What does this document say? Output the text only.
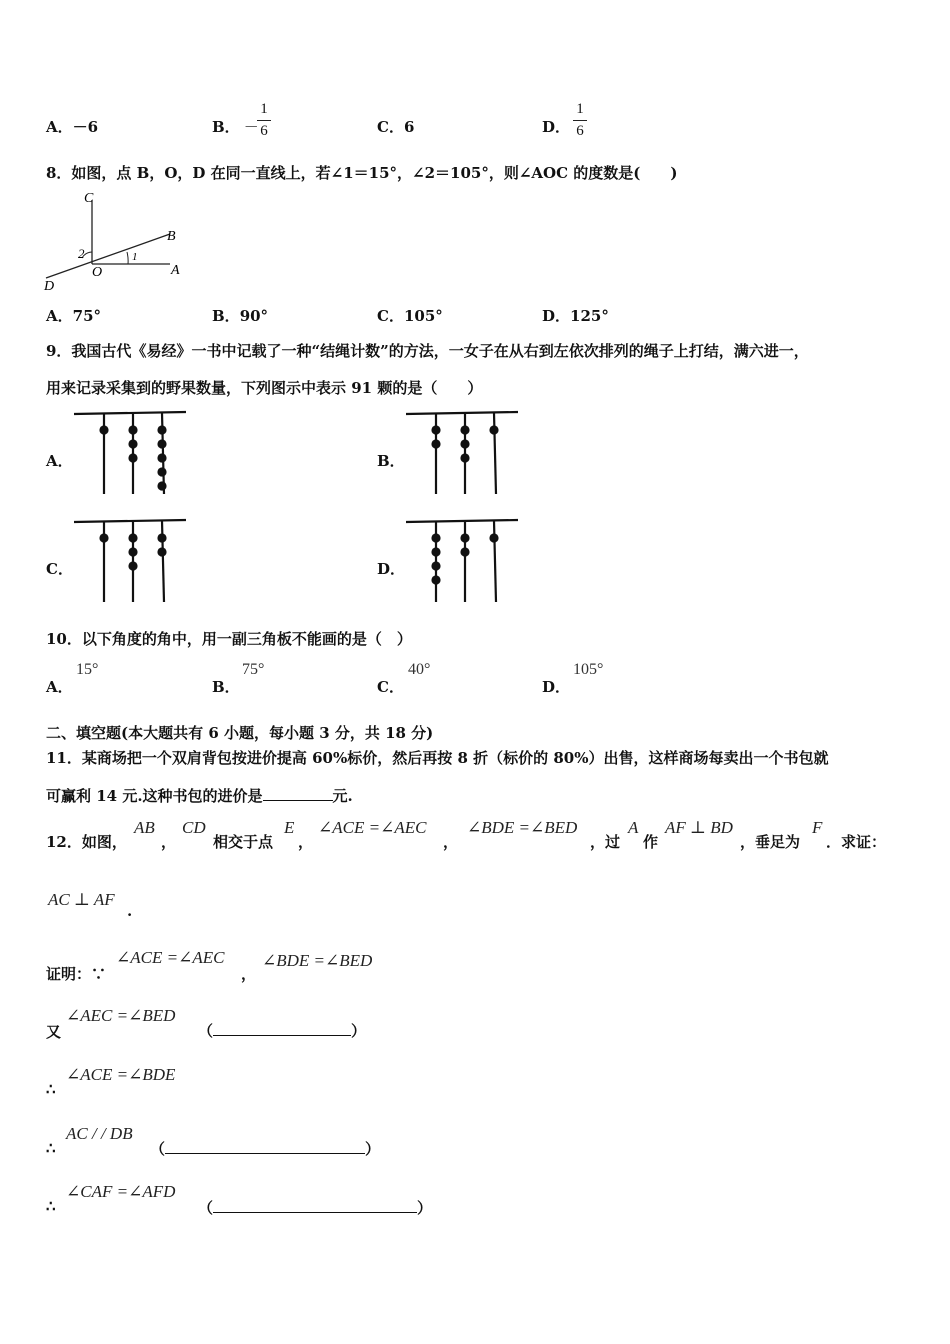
A．－6	B． －
1
6	C．6	D．
1
6
8．如图，点 B，O，D 在同一直线上，若∠1＝15°，∠2＝105°，则∠AOC 的度数是(　　)
C
B
2
O
1
A
D
A．75°	B．90°	C．105°	D．125°
9．我国古代《易经》一书中记载了一种“结绳计数”的方法，一女子在从右到左依次排列的绳子上打结，满六进一，
用来记录采集到的野果数量，下列图示中表示 91 颗的是（　　）
A．	B．
C．	D．
10．以下角度的角中，用一副三角板不能画的是（　）
A．
15°
B．
75°
C．
40°
D．
105°
二、填空题(本大题共有 6 小题，每小题 3 分，共 18 分)
11．某商场把一个双肩背包按进价提高 60%标价，然后再按 8 折（标价的 80%）出售，这样商场每卖出一个书包就
可赢利 14 元.这种书包的进价是	元.
12．如图，
AB
，
CD
相交于点
E
，
∠ACE =∠AEC
，
∠BDE =∠BED
，过
A
作
AF ⊥ BD
，垂足为
F
．求证：
AC ⊥ AF
.
证明：∵
∠ACE =∠AEC
，
∠BDE =∠BED
又
∠AEC =∠BED
（	）
∴
∠ACE =∠BDE
∴
AC / / DB
（	）
∴
∠CAF =∠AFD
（	）
